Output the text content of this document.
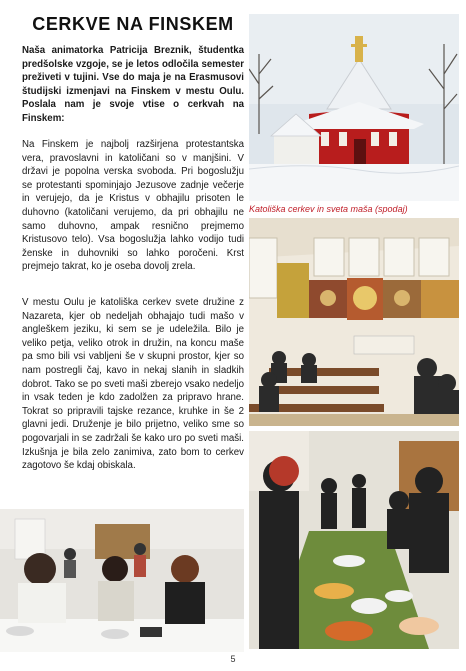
CERKVE NA FINSKEM
Naša animatorka Patricija Breznik, študentka predšolske vzgoje, se je letos odločila semester preživeti v tujini. Vse do maja je na Erasmusovi študijski izmenjavi na Finskem v mestu Oulu. Poslala nam je svoje vtise o cerkvah na Finskem:
Na Finskem je najbolj razširjena protestantska vera, pravoslavni in katoličani so v manjšini. V državi je popolna verska svoboda. Pri bogoslužju se protestanti spominjajo Jezusove zadnje večerje in verujejo, da je Kristus v obhajilu prisoten le duhovno (katoličani verujemo, da pri obhajilu ne samo duhovno, ampak resnično prejmemo Kristusovo telo). Vsa bogoslužja lahko vodijo tudi ženske in duhovniki so lahko poročeni. Krst prejmejo takrat, ko je oseba dovolj zrela.
V mestu Oulu je katoliška cerkev svete družine z Nazareta, kjer ob nedeljah obhajajo tudi mašo v angleškem jeziku, ki sem se je udeležila. Bilo je veliko petja, veliko otrok in družin, na koncu maše pa smo bili vsi vabljeni še v skupni prostor, kjer so nam postregli čaj, kavo in nekaj slanih in sladkih dobrot. Tako se po sveti maši zberejo vsako nedeljo in vsak teden je kdo zadolžen za pripravo hrane. Tokrat so pripravili tajske rezance, kruhke in še 2 glavni jedi. Druženje je bilo prijetno, veliko sme so pogovarjali in se zadržali še kako uro po sveti maši. Izkušnja je bila zelo zanimiva, zato bom to cerkev zagotovo še kdaj obiskala.
Katoliška cerkev in sveta maša (spodaj)
5
